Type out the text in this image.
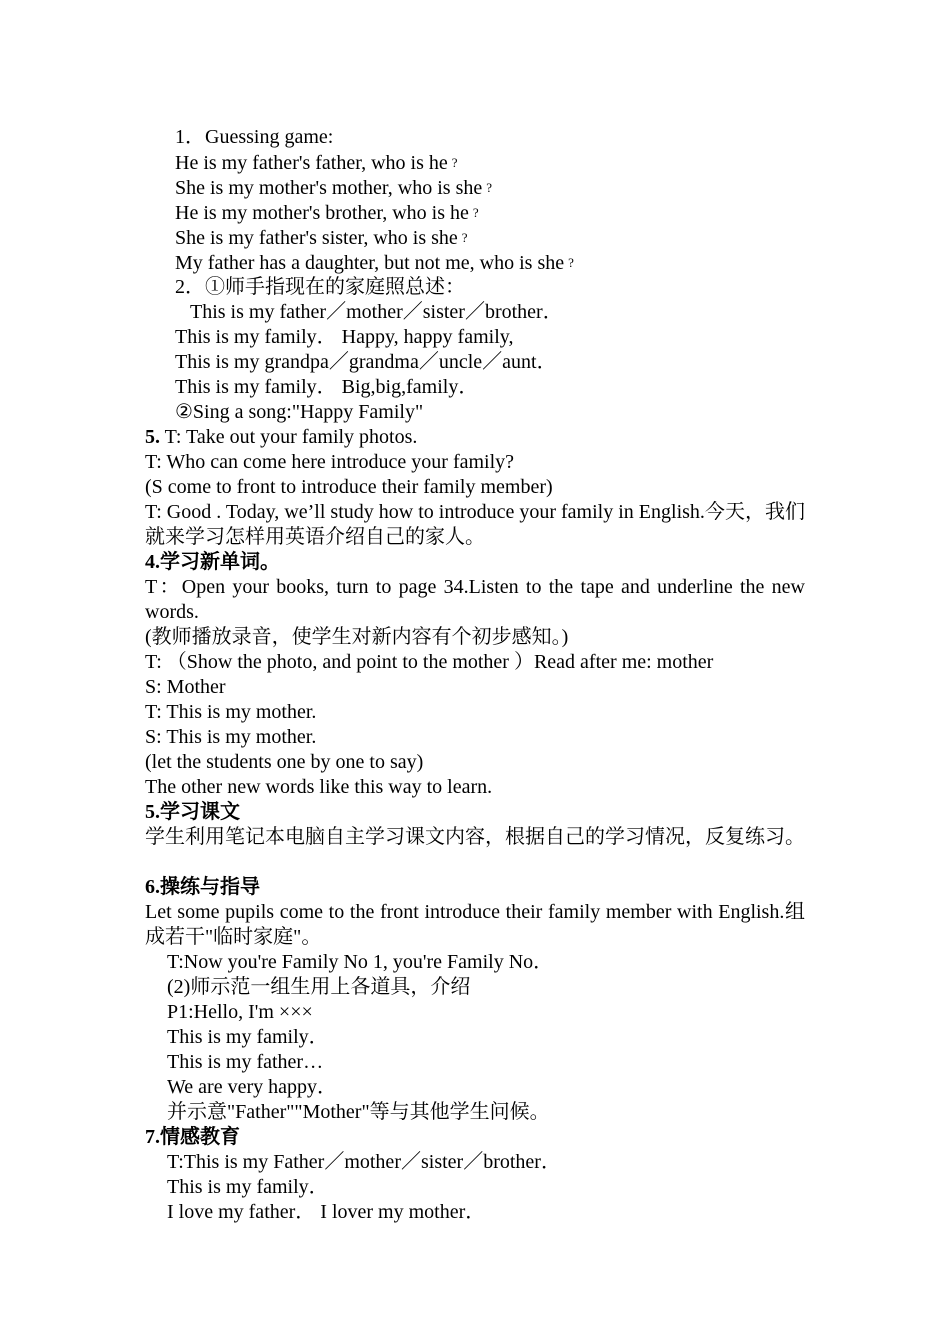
1．Guessing game:
He is my father's father, who is he ?
She is my mother's mother, who is she ?
He is my mother's brother, who is he ?
She is my father's sister, who is she ?
My father has a daughter, but not me, who is she ?
2．①师手指现在的家庭照总述：
This is my father／mother／sister／brother．
This is my family． Happy, happy family,
This is my grandpa／grandma／uncle／aunt．
This is my family． Big,big,family．
②Sing a song:"Happy Family"
5. T: Take out your family photos.
T: Who can come here introduce your family?
(S come to front to introduce their family member)
T: Good . Today, we’ll study how to introduce your family in English.今天，我们就来学习怎样用英语介绍自己的家人。
4.学习新单词。
T：Open your books, turn to page 34.Listen to the tape and underline the new words.
(教师播放录音，使学生对新内容有个初步感知。)
T: （Show the photo, and point to the mother ）Read after me: mother
S: Mother
T: This is my mother.
S: This is my mother.
(let the students one by one to say)
The other new words like this way to learn.
5.学习课文
学生利用笔记本电脑自主学习课文内容，根据自己的学习情况，反复练习。
6.操练与指导
Let some pupils come to the front introduce their family member with English.组成若干"临时家庭"。
T:Now you're Family No 1, you're Family No．
(2)师示范一组生用上各道具，介绍
P1:Hello, I'm ×××
This is my family．
This is my father…
We are very happy．
并示意"Father""Mother"等与其他学生问候。
7.情感教育
T:This is my Father／mother／sister／brother．
This is my family．
I love my father． I lover my mother．
